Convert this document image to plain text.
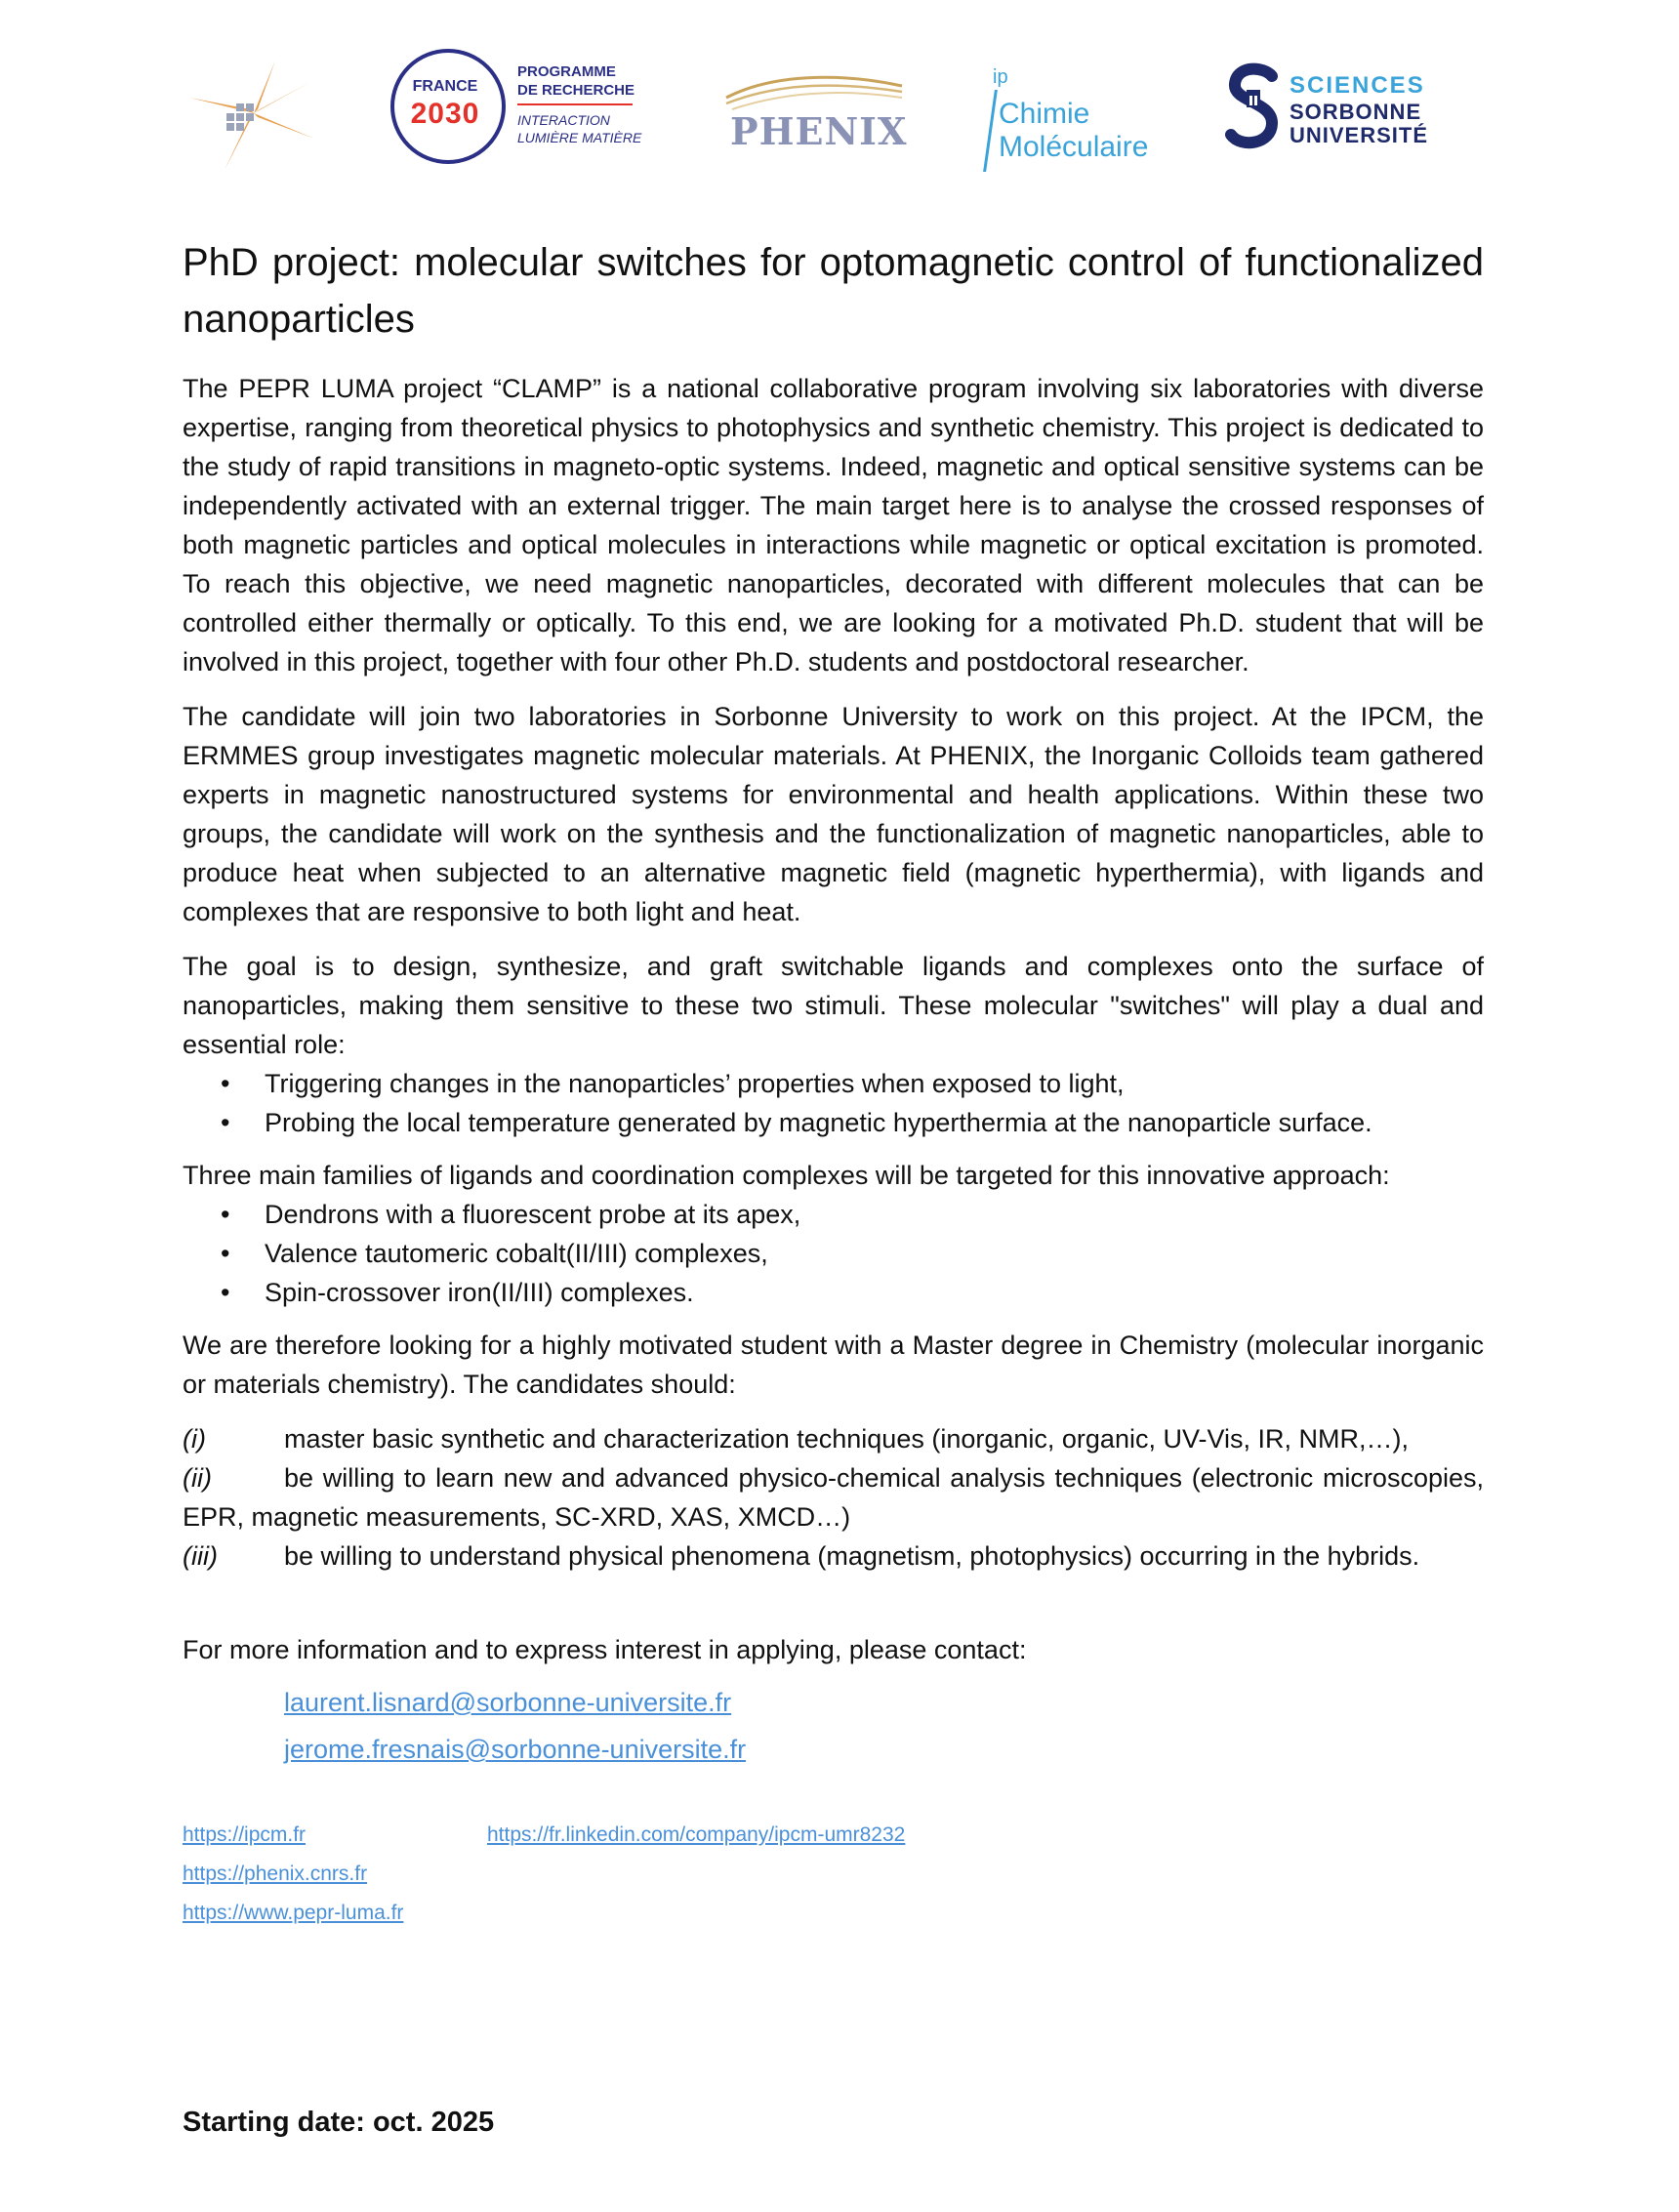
FRANCE
2030
PROGRAMME
DE RECHERCHE
INTERACTION
LUMIÈRE MATIÈRE PHENIX
ip
Chimie
Moléculaire
SCIENCES
SORBONNE
UNIVERSITÉ
PhD project: molecular switches for optomagnetic control of functionalized nanoparticles

The PEPR LUMA project “CLAMP” is a national collaborative program involving six laboratories with diverse expertise, ranging from theoretical physics to photophysics and synthetic chemistry. This project is dedicated to the study of rapid transitions in magneto-optic systems. Indeed, magnetic and optical sensitive systems can be independently activated with an external trigger. The main target here is to analyse the crossed responses of both magnetic particles and optical molecules in interactions while magnetic or optical excitation is promoted. To reach this objective, we need magnetic nanoparticles, decorated with different molecules that can be controlled either thermally or optically. To this end, we are looking for a motivated Ph.D. student that will be involved in this project, together with four other Ph.D. students and postdoctoral researcher.

The candidate will join two laboratories in Sorbonne University to work on this project. At the IPCM, the ERMMES group investigates magnetic molecular materials. At PHENIX, the Inorganic Colloids team gathered experts in magnetic nanostructured systems for environmental and health applications. Within these two groups, the candidate will work on the synthesis and the functionalization of magnetic nanoparticles, able to produce heat when subjected to an alternative magnetic field (magnetic hyperthermia), with ligands and complexes that are responsive to both light and heat.

The goal is to design, synthesize, and graft switchable ligands and complexes onto the surface of nanoparticles, making them sensitive to these two stimuli. These molecular "switches" will play a dual and essential role:

• Triggering changes in the nanoparticles’ properties when exposed to light,
• Probing the local temperature generated by magnetic hyperthermia at the nanoparticle surface.

Three main families of ligands and coordination complexes will be targeted for this innovative approach:

• Dendrons with a fluorescent probe at its apex,
• Valence tautomeric cobalt(II/III) complexes,
• Spin-crossover iron(II/III) complexes.

We are therefore looking for a highly motivated student with a Master degree in Chemistry (molecular inorganic or materials chemistry). The candidates should:

(i)	master basic synthetic and characterization techniques (inorganic, organic, UV-Vis, IR, NMR,…),

(ii)	be willing to learn new and advanced physico-chemical analysis techniques (electronic microscopies, EPR, magnetic measurements, SC-XRD, XAS, XMCD…)

(iii)	be willing to understand physical phenomena (magnetism, photophysics) occurring in the hybrids.

For more information and to express interest in applying, please contact:

laurent.lisnard@sorbonne-universite.fr
jerome.fresnais@sorbonne-universite.fr
https://ipcm.fr	https://fr.linkedin.com/company/ipcm-umr8232
https://phenix.cnrs.fr
https://www.pepr-luma.fr
Starting date: oct. 2025
